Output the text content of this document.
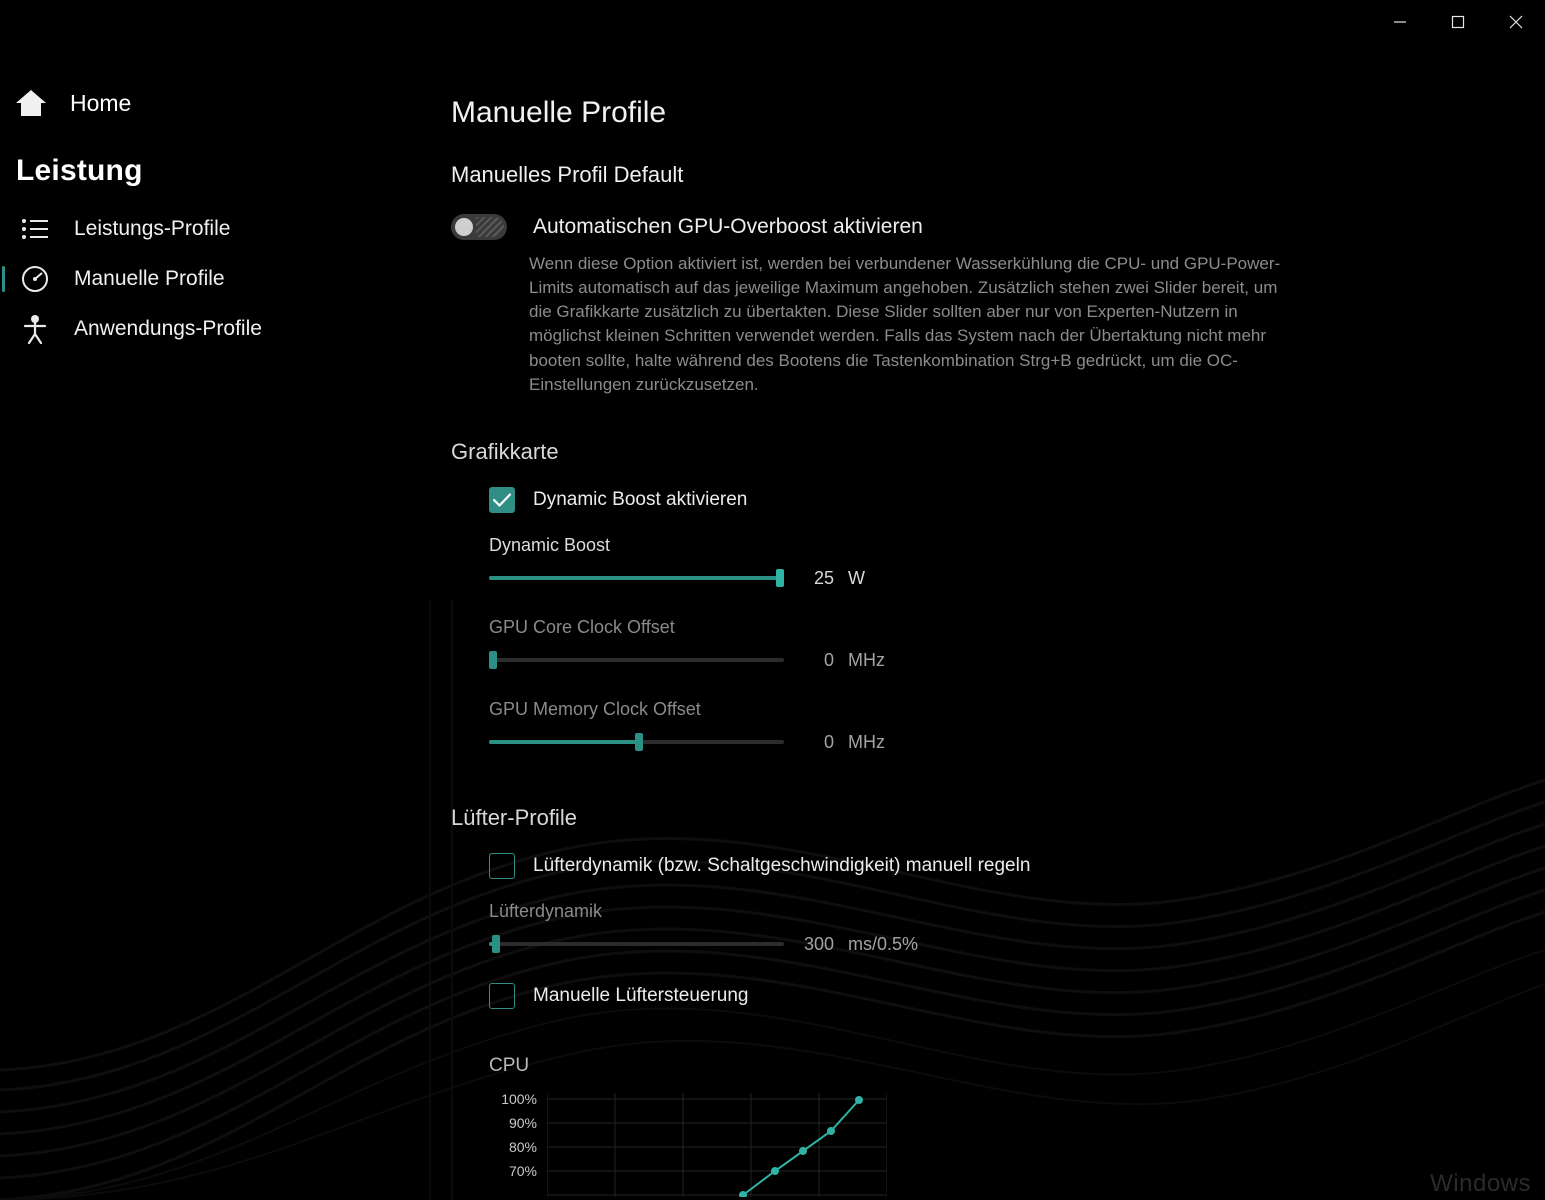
Home
Leistung
Leistungs-Profile
Manuelle Profile
Anwendungs-Profile
Manuelle Profile
Manuelles Profil Default
Automatischen GPU-Overboost aktivieren

Wenn diese Option aktiviert ist, werden bei verbundener Wasserkühlung die CPU- und GPU-Power-Limits automatisch auf das jeweilige Maximum angehoben. Zusätzlich stehen zwei Slider bereit, um die Grafikkarte zusätzlich zu übertakten. Diese Slider sollten aber nur von Experten-Nutzern in möglichst kleinen Schritten verwendet werden. Falls das System nach der Übertaktung nicht mehr booten sollte, halte während des Bootens die Tastenkombination Strg+B gedrückt, um die OC-Einstellungen zurückzusetzen.

Grafikkarte
Dynamic Boost aktivieren
Dynamic Boost
25 W
GPU Core Clock Offset
0 MHz
GPU Memory Clock Offset
0 MHz
Lüfter-Profile
Lüfterdynamik (bzw. Schaltgeschwindigkeit) manuell regeln
Lüfterdynamik
300 ms/0.5%
Manuelle Lüftersteuerung
CPU
100%
90%
80%
70%	Windows
